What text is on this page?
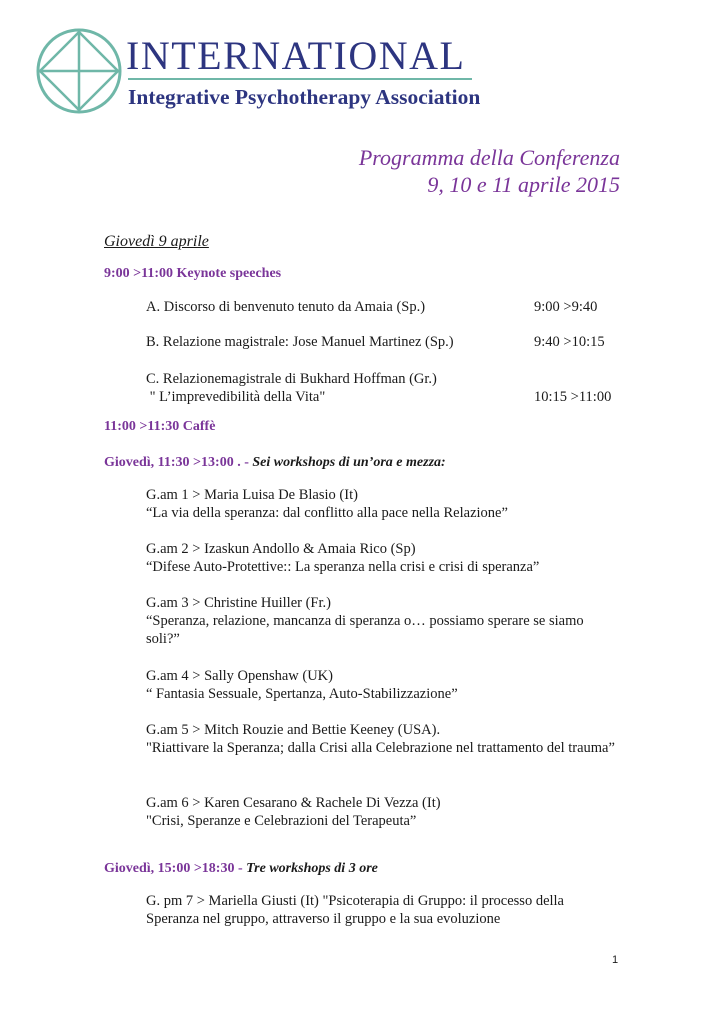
INTERNATIONAL
Integrative Psychotherapy Association
Programma della Conferenza
9, 10 e 11 aprile 2015
Giovedì 9 aprile
9:00 >11:00 Keynote speeches
A. Discorso di benvenuto tenuto da Amaia (Sp.)	9:00 >9:40
B. Relazione magistrale: Jose Manuel Martinez (Sp.)	9:40 >10:15
C. Relazionemagistrale di Bukhard Hoffman (Gr.)
" L’imprevedibilità della Vita"	10:15 >11:00
11:00 >11:30 Caffè
Giovedì, 11:30 >13:00 . - Sei workshops di un’ora e mezza:
G.am 1 > Maria Luisa De Blasio (It)
“La via della speranza: dal conflitto alla pace nella Relazione”
G.am 2 > Izaskun Andollo & Amaia Rico (Sp)
“Difese Auto-Protettive:: La speranza nella crisi e crisi di speranza”
G.am 3 > Christine Huiller (Fr.)
“Speranza, relazione, mancanza di speranza o… possiamo sperare se siamo soli?”
G.am 4 > Sally Openshaw (UK)
“ Fantasia Sessuale, Spertanza, Auto-Stabilizzazione”
G.am 5 > Mitch Rouzie and Bettie Keeney (USA).
"Riattivare la Speranza; dalla Crisi alla Celebrazione nel trattamento del trauma”
G.am 6 > Karen Cesarano & Rachele Di Vezza (It)
"Crisi, Speranze e Celebrazioni del Terapeuta”
Giovedì, 15:00 >18:30 - Tre workshops di 3 ore
G. pm 7 > Mariella Giusti (It) "Psicoterapia di Gruppo: il processo della Speranza nel gruppo, attraverso il gruppo e la sua evoluzione
1
